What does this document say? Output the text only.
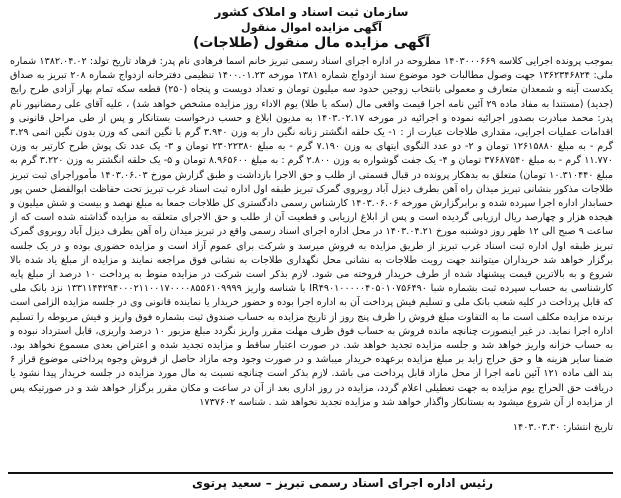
سازمان ثبت اسناد و املاک کشور
آگهی مزایده اموال منقول
آگهی مزایده مال منقول (طلاجات)
بموجب پرونده اجرایی کلاسه ۱۴۰۳۰۰۰۶۶۹ مطروحه در اداره اجرای اسناد رسمی تبریز خانم اسما فرهادی نام پدر: فرهاد تاریخ تولد: ۱۳۸۲.۰۴.۰۲ شماره ملی: ۱۳۶۲۳۴۶۸۲۴ جهت وصول مطالبات خود موضوع سند ازدواج شماره ۱۳۸۱ مورخه ۱۴۰۰.۰۱.۲۳ تنظیمی دفترخانه ازدواج شماره ۲۰۸ تبریز به صداق یکدست آینه و شمعدان متعارف و معمولی بانتخاب زوجین حدود سه میلیون تومان و تعداد دویست و پنجاه (۲۵۰) قطعه سکه تمام بهار آزادی طرح رایج (جدید) (مستندا به مفاد ماده ۲۹ آئین نامه اجرا قیمت واقعی مال (سکه یا طلا) یوم الاداء روز مزایده مشخص خواهد شد) ، علیه آقای علی رمضانپور نام پدر: محمد مبادرت بصدور اجرائیه نموده و اجرائیه در مورخه ۱۴۰۳.۰۲.۱۷ به مدیون ابلاغ و حسب درخواست بستانکار و پس از طی مراحل قانونی و اقدامات عملیات اجرایی، مقداری طلاجات عبارت از : ۱- یک حلقه انگشتر زنانه نگین دار به وزن ۳.۹۴۰ گرم با نگین اتمی که وزن بدون نگین اتمی ۳.۲۹ گرم - به مبلغ ۱۲۶۱۵۸۸۰ تومان و ۲- دو عدد النگوی ایتهای به وزن ۷.۱۹۰ گرم - به مبلغ ۲۳۰۲۲۳۸۰ تومان و ۳- یک عدد تک پوش طرح کارتیر به وزن ۱۱.۷۷۰ گرم - به مبلغ ۳۷۶۸۷۵۴۰ تومان و ۴- یک جفت گوشواره به وزن ۲.۸۰۰ گرم : به مبلغ ۸.۹۶۵۶۰۰ تومان و ۵- یک حلقه انگشتر به وزن ۳.۲۲۰ گرم به مبلغ ۱۰.۳۱۰۴۴۰ تومان) متعلق به بدهکار پرونده در قبال قسمتی از طلب و حق الاجرا بازداشت و طبق گزارش مورخ ۱۴۰۳.۰۶.۰۳ مأموراجرای ثبت تبریز طلاجات مذکور بنشانی تبریز میدان راه آهن بطرف دیزل آباد روبروی گمرک تبریز طبقه اول اداره ثبت اسناد غرب تبریز تحت حفاظت ابوالفضل حسن پور حسابدار اداره اجرا سپرده شده و برابرگزارش مورخه ۱۴۰۳.۰۶.۰۶ کارشناس رسمی دادگستری کل طلاجات جمعا به مبلغ نهصد و بیست و شش میلیون و هیجده هزار و چهارصد ریال ارزیابی گردیده است و پس از ابلاغ ارزیابی و قطعیت آن از طلب و حق الاجرای متعلقه به مزایده گذاشته شده است که از ساعت ۹ صبح الی ۱۲ ظهر روز دوشنبه مورخ ۱۴۰۳.۰۴.۲۱ در محل اداره اجرای اسناد رسمی واقع در تبریز میدان راه آهن بطرف دیزل آباد روبروی گمرک تبریز طبقه اول اداره ثبت اسناد غرب تبریز از طریق مزایده به فروش میرسد و شرکت برای عموم آزاد است و مزایده حضوری بوده و در یک جلسه برگزار خواهد شد خریداران میتوانند جهت رویت طلاجات به نشانی محل نگهداری طلاجات به نشانی فوق مراجعه نمایند و مزایده از مبلغ یاد شده بالا شروع و به بالاترین قیمت پیشنهاد شده از طرف خریدار فروخته می شود. لازم بذکر است شرکت در مزایده منوط به پرداخت ۱۰ درصد از مبلغ پایه کارشناسی به حساب سپرده ثبت بشماره شبا IR۴۹۰۱۰۰۰۰۰۴۰۵۰۱۰۷۵۶۴۹۰ با شناسه واریز ۱۳۳۱۱۴۴۲۹۴۰۰۰۲۱۱۰۰۱۷۰۰۰۰۸۵۵۶۱۰۹۹۹۹ نزد بانک ملی که قابل پرداخت در کلیه شعب بانک ملی و تسلیم فیش پرداخت آن به اداره اجرا بوده و حضور خریدار یا نماینده قانونی وی در جلسه مزایده الزامی است برنده مزایده مکلف است ما به التفاوت مبلغ فروش را ظرف پنج روز از تاریخ مزایده به حساب صندوق ثبت بشماره فوق واریز و فیش مربوطه را تسلیم اداره اجرا نماید. در غیر اینصورت چنانچه مانده فروش به حساب فوق ظرف مهلت مقرر واریز نگردد مبلغ مزبور ۱۰ درصد واریزی، قابل استرداد نبوده و به حساب خزانه واریز خواهد شد و جلسه مزایده تجدید خواهد شد. در صورت اعتبار ساقط و مزایده تجدید شده و اعتراض بعدی مسموع نخواهد بود. ضمنا سایر هزینه ها و حق حراج زاید بر مبلغ مزایده برعهده خریدار میباشد و در صورت وجود وجه مازاد حاصل از فروش وجوه پرداختی موضوع قراز ۶ بند الف ماده ۱۲۱ آئین نامه اجرا از محل مازاد قابل پرداخت می باشد. لازم بذکر است چنانچه نسبت به مال مورد مزایده در جلسه خریدار پیدا نشود یا دریافت حق الحراج یوم مزایده به جهت تعطیلی اعلام گردد، مزایده در روز اداری بعد از آن در ساعت و مکان مقرر برگزار خواهد شد و در صورتیکه پس از مزایده از آن شروع میشود به بستانکار واگذار خواهد شد و مزایده تجدید نخواهد شد . شناسه ۱۷۳۷۶۰۲
تاریخ انتشار: ۱۴۰۳.۰۳.۳۰
رئیس اداره اجرای اسناد رسمی تبریز – سعید پرتوی
